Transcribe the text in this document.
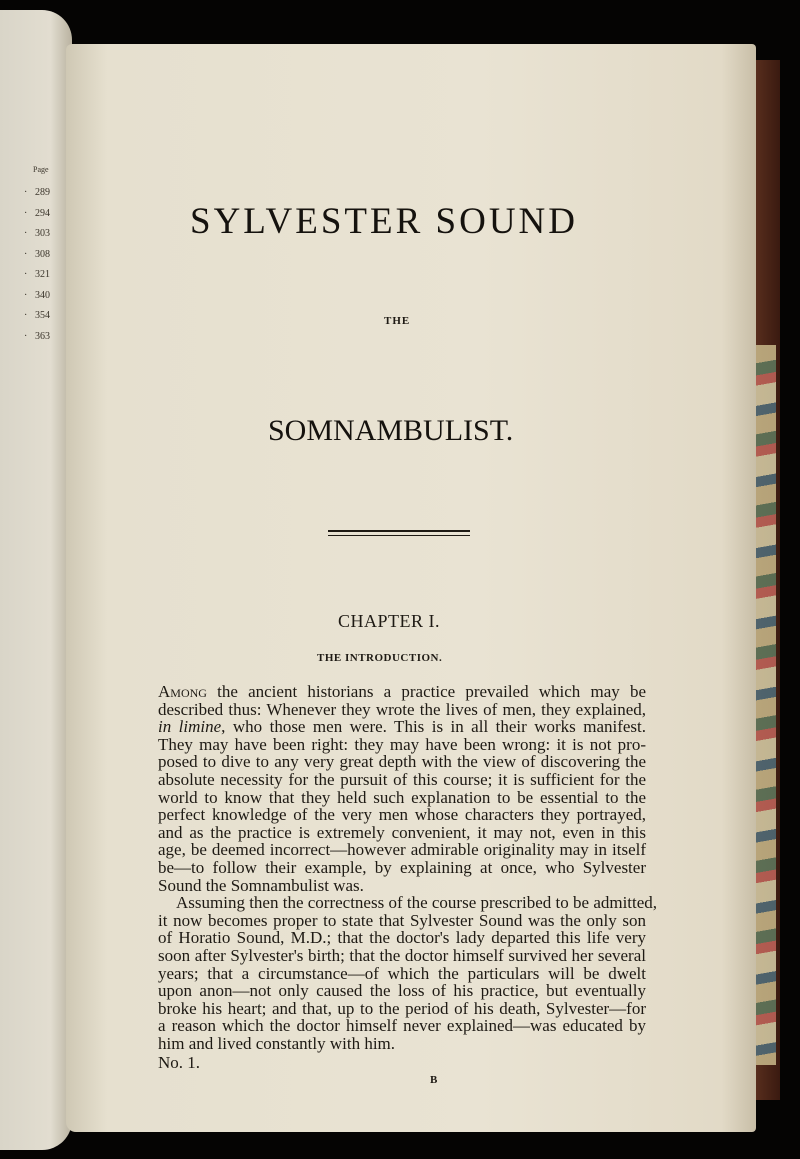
Page
· 289
· 294
· 303
· 308
· 321
· 340
· 354
· 363
SYLVESTER SOUND
THE
SOMNAMBULIST.
CHAPTER I.
THE INTRODUCTION.
Among the ancient historians a practice prevailed which may be
described thus: Whenever they wrote the lives of men, they explained,
in limine, who those men were. This is in all their works manifest.
They may have been right: they may have been wrong: it is not pro-
posed to dive to any very great depth with the view of discovering the
absolute necessity for the pursuit of this course; it is sufficient for the
world to know that they held such explanation to be essential to the
perfect knowledge of the very men whose characters they portrayed,
and as the practice is extremely convenient, it may not, even in this
age, be deemed incorrect—however admirable originality may in itself
be—to follow their example, by explaining at once, who Sylvester
Sound the Somnambulist was.
Assuming then the correctness of the course prescribed to be admitted,
it now becomes proper to state that Sylvester Sound was the only son
of Horatio Sound, M.D.; that the doctor's lady departed this life very
soon after Sylvester's birth; that the doctor himself survived her several
years; that a circumstance—of which the particulars will be dwelt
upon anon—not only caused the loss of his practice, but eventually
broke his heart; and that, up to the period of his death, Sylvester—for
a reason which the doctor himself never explained—was educated by
him and lived constantly with him.
No. 1.
B
